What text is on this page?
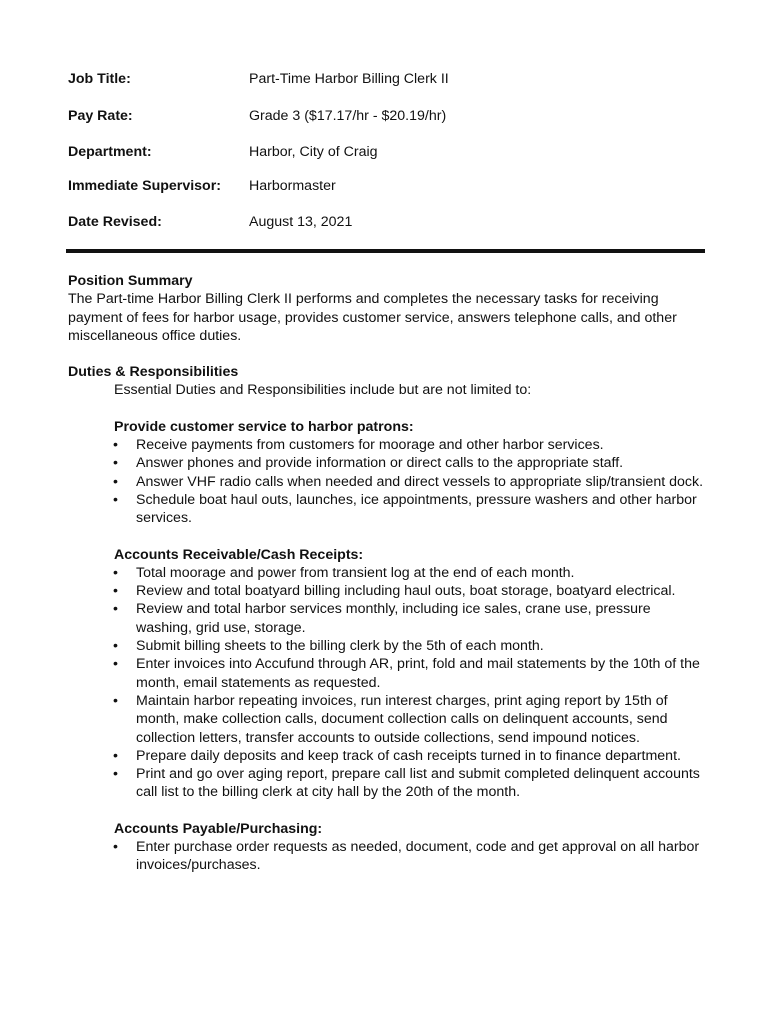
Job Title:	Part-Time Harbor Billing Clerk II
Pay Rate:	Grade 3 ($17.17/hr - $20.19/hr)
Department:	Harbor, City of Craig
Immediate Supervisor: Harbormaster
Date Revised:	August 13, 2021

Position Summary

The Part-time Harbor Billing Clerk II performs and completes the necessary tasks for receiving payment of fees for harbor usage, provides customer service, answers telephone calls, and other miscellaneous office duties.

Duties & Responsibilities

Essential Duties and Responsibilities include but are not limited to:

Provide customer service to harbor patrons:

• Receive payments from customers for moorage and other harbor services.
• Answer phones and provide information or direct calls to the appropriate staff.
• Answer VHF radio calls when needed and direct vessels to appropriate slip/transient dock.
• Schedule boat haul outs, launches, ice appointments, pressure washers and other harbor services.

Accounts Receivable/Cash Receipts:

• Total moorage and power from transient log at the end of each month.
• Review and total boatyard billing including haul outs, boat storage, boatyard electrical.
• Review and total harbor services monthly, including ice sales, crane use, pressure washing, grid use, storage.
• Submit billing sheets to the billing clerk by the 5th of each month.
• Enter invoices into Accufund through AR, print, fold and mail statements by the 10th of the month, email statements as requested.
• Maintain harbor repeating invoices, run interest charges, print aging report by 15th of month, make collection calls, document collection calls on delinquent accounts, send collection letters, transfer accounts to outside collections, send impound notices.
• Prepare daily deposits and keep track of cash receipts turned in to finance department.
• Print and go over aging report, prepare call list and submit completed delinquent accounts call list to the billing clerk at city hall by the 20th of the month.

Accounts Payable/Purchasing:

• Enter purchase order requests as needed, document, code and get approval on all harbor invoices/purchases.
